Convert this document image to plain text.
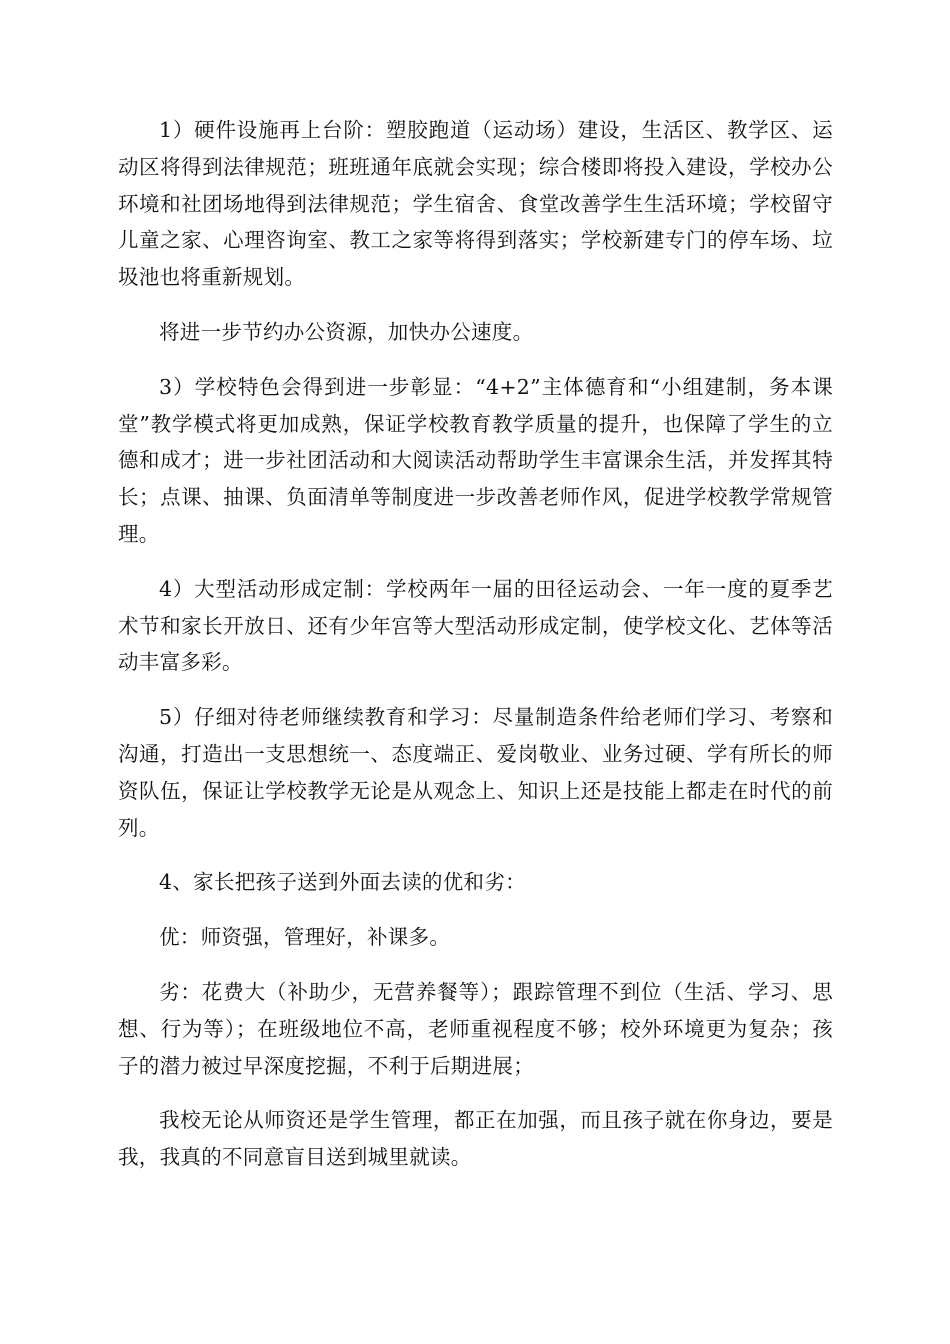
1）硬件设施再上台阶：塑胶跑道（运动场）建设，生活区、教学区、运动区将得到法律规范；班班通年底就会实现；综合楼即将投入建设，学校办公环境和社团场地得到法律规范；学生宿舍、食堂改善学生生活环境；学校留守儿童之家、心理咨询室、教工之家等将得到落实；学校新建专门的停车场、垃圾池也将重新规划。

将进一步节约办公资源，加快办公速度。

3）学校特色会得到进一步彰显：“4+2”主体德育和“小组建制，务本课堂”教学模式将更加成熟，保证学校教育教学质量的提升，也保障了学生的立德和成才；进一步社团活动和大阅读活动帮助学生丰富课余生活，并发挥其特长；点课、抽课、负面清单等制度进一步改善老师作风，促进学校教学常规管理。

4）大型活动形成定制：学校两年一届的田径运动会、一年一度的夏季艺术节和家长开放日、还有少年宫等大型活动形成定制，使学校文化、艺体等活动丰富多彩。

5）仔细对待老师继续教育和学习：尽量制造条件给老师们学习、考察和沟通，打造出一支思想统一、态度端正、爱岗敬业、业务过硬、学有所长的师资队伍，保证让学校教学无论是从观念上、知识上还是技能上都走在时代的前列。

4、家长把孩子送到外面去读的优和劣：

优：师资强，管理好，补课多。

劣：花费大（补助少，无营养餐等）；跟踪管理不到位（生活、学习、思想、行为等）；在班级地位不高，老师重视程度不够；校外环境更为复杂；孩子的潜力被过早深度挖掘，不利于后期进展；

我校无论从师资还是学生管理，都正在加强，而且孩子就在你身边，要是我，我真的不同意盲目送到城里就读。
